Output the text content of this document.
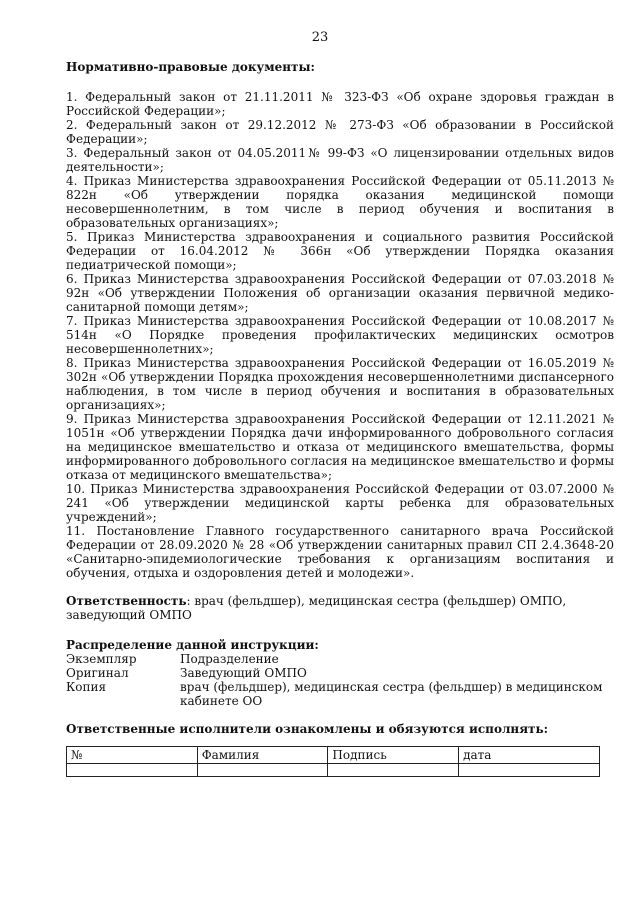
23
Нормативно-правовые документы:

1. Федеральный закон от 21.11.2011 № 323-ФЗ «Об охране здоровья граждан в Российской Федерации»;

2. Федеральный закон от 29.12.2012 № 273-ФЗ «Об образовании в Российской Федерации»;

3. Федеральный закон от 04.05.2011№ 99-ФЗ «О лицензировании отдельных видов деятельности»;

4. Приказ Министерства здравоохранения Российской Федерации от 05.11.2013 № 822н «Об утверждении порядка оказания медицинской помощи несовершеннолетним, в том числе в период обучения и воспитания в образовательных организациях»;

5. Приказ Министерства здравоохранения и социального развития Российской Федерации от 16.04.2012 № 366н «Об утверждении Порядка оказания педиатрической помощи»;

6. Приказ Министерства здравоохранения Российской Федерации от 07.03.2018 № 92н «Об утверждении Положения об организации оказания первичной медико-санитарной помощи детям»;

7. Приказ Министерства здравоохранения Российской Федерации от 10.08.2017 № 514н «О Порядке проведения профилактических медицинских осмотров несовершеннолетних»;

8. Приказ Министерства здравоохранения Российской Федерации от 16.05.2019 № 302н «Об утверждении Порядка прохождения несовершеннолетними диспансерного наблюдения, в том числе в период обучения и воспитания в образовательных организациях»;

9. Приказ Министерства здравоохранения Российской Федерации от 12.11.2021 № 1051н «Об утверждении Порядка дачи информированного добровольного согласия на медицинское вмешательство и отказа от медицинского вмешательства, формы информированного добровольного согласия на медицинское вмешательство и формы отказа от медицинского вмешательства»;

10. Приказ Министерства здравоохранения Российской Федерации от 03.07.2000 № 241 «Об утверждении медицинской карты ребенка для образовательных учреждений»;

11. Постановление Главного государственного санитарного врача Российской Федерации от 28.09.2020 № 28 «Об утверждении санитарных правил СП 2.4.3648-20 «Санитарно-эпидемиологические требования к организациям воспитания и обучения, отдыха и оздоровления детей и молодежи».

Ответственность: врач (фельдшер), медицинская сестра (фельдшер) ОМПО, заведующий ОМПО
Распределение данной инструкции:
Экземпляр	Подразделение
Оригинал	Заведующий ОМПО
Копия	врач (фельдшер), медицинская сестра (фельдшер) в медицинском кабинете ОО
Ответственные исполнители ознакомлены и обязуются исполнять:
№	Фамилия	Подпись	дата
